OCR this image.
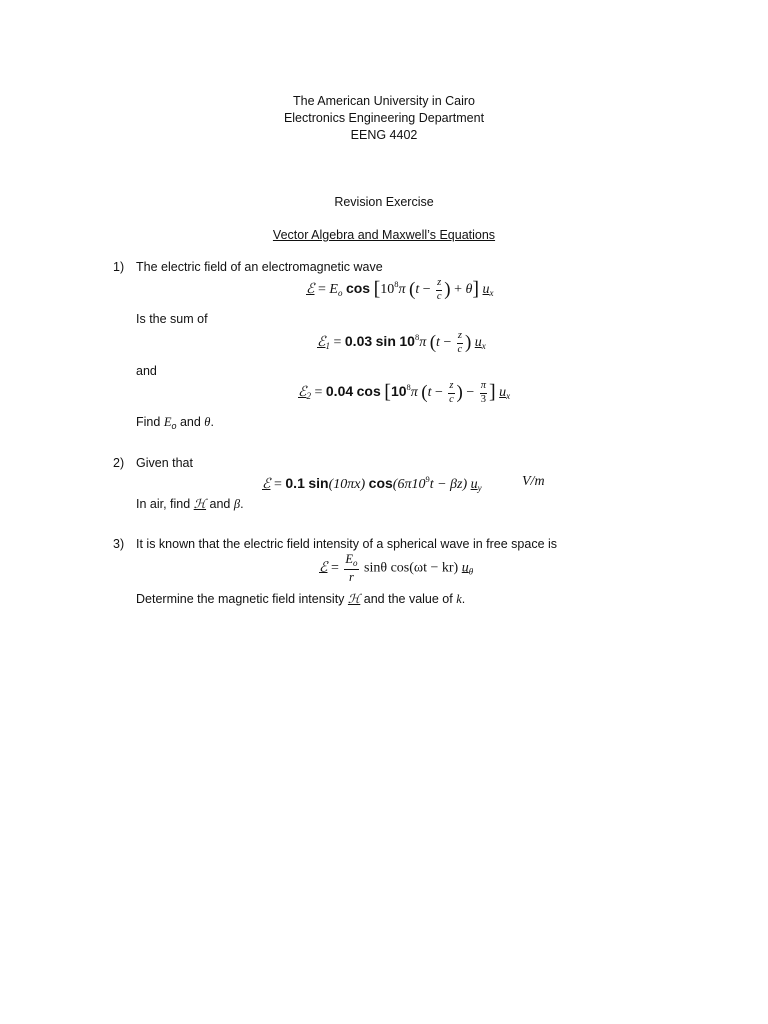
The American University in Cairo
Electronics Engineering Department
EENG 4402
Revision Exercise
Vector Algebra and Maxwell’s Equations
1) The electric field of an electromagnetic wave
ℰ = $E_o$ $\cos [10^8\pi$ ($t - \frac{z}{c}$ ) + θ] $u_x$
Is the sum of
ℰ$_1$ = 0.03 $\sin 10^8\pi$ ($t - \frac{z}{c}$ ) $u_x$
and
ℰ$_2$ = 0.04 $\cos [10^8\pi$ ($t - \frac{z}{c}$ ) − $\frac{\pi}{3}$ ] $u_x$
Find $E_o$ and θ.
2) Given that
ℰ = 0.1 sin(10πx) $\cos(6\pi 10^9t - \beta z)$ $u_y$	V/m
In air, find ℋ and β.
3) It is known that the electric field intensity of a spherical wave in free space is
ℰ = $\frac{E_o}{r}$ sinθ cos(ωt − kr) $u_\theta$
Determine the magnetic field intensity ℋ and the value of k.
